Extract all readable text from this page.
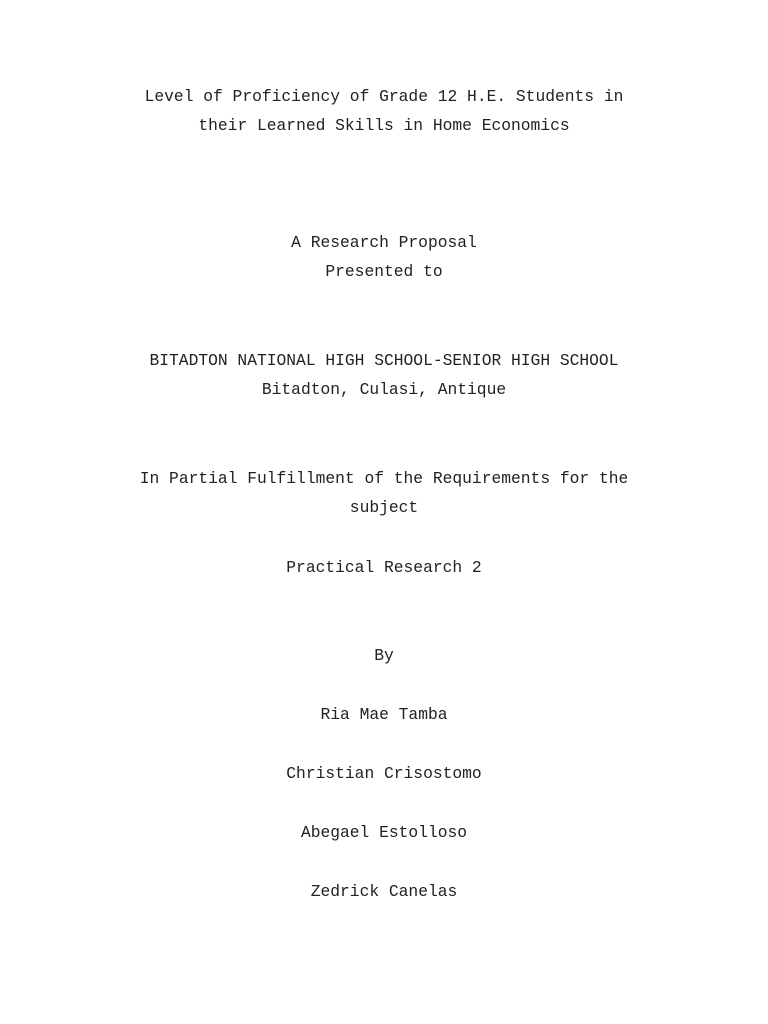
Level of Proficiency of Grade 12 H.E. Students in
their Learned Skills in Home Economics
A Research Proposal
Presented to
BITADTON NATIONAL HIGH SCHOOL-SENIOR HIGH SCHOOL
Bitadton, Culasi, Antique
In Partial Fulfillment of the Requirements for the
subject
Practical Research 2
By
Ria Mae Tamba
Christian Crisostomo
Abegael Estolloso
Zedrick Canelas
